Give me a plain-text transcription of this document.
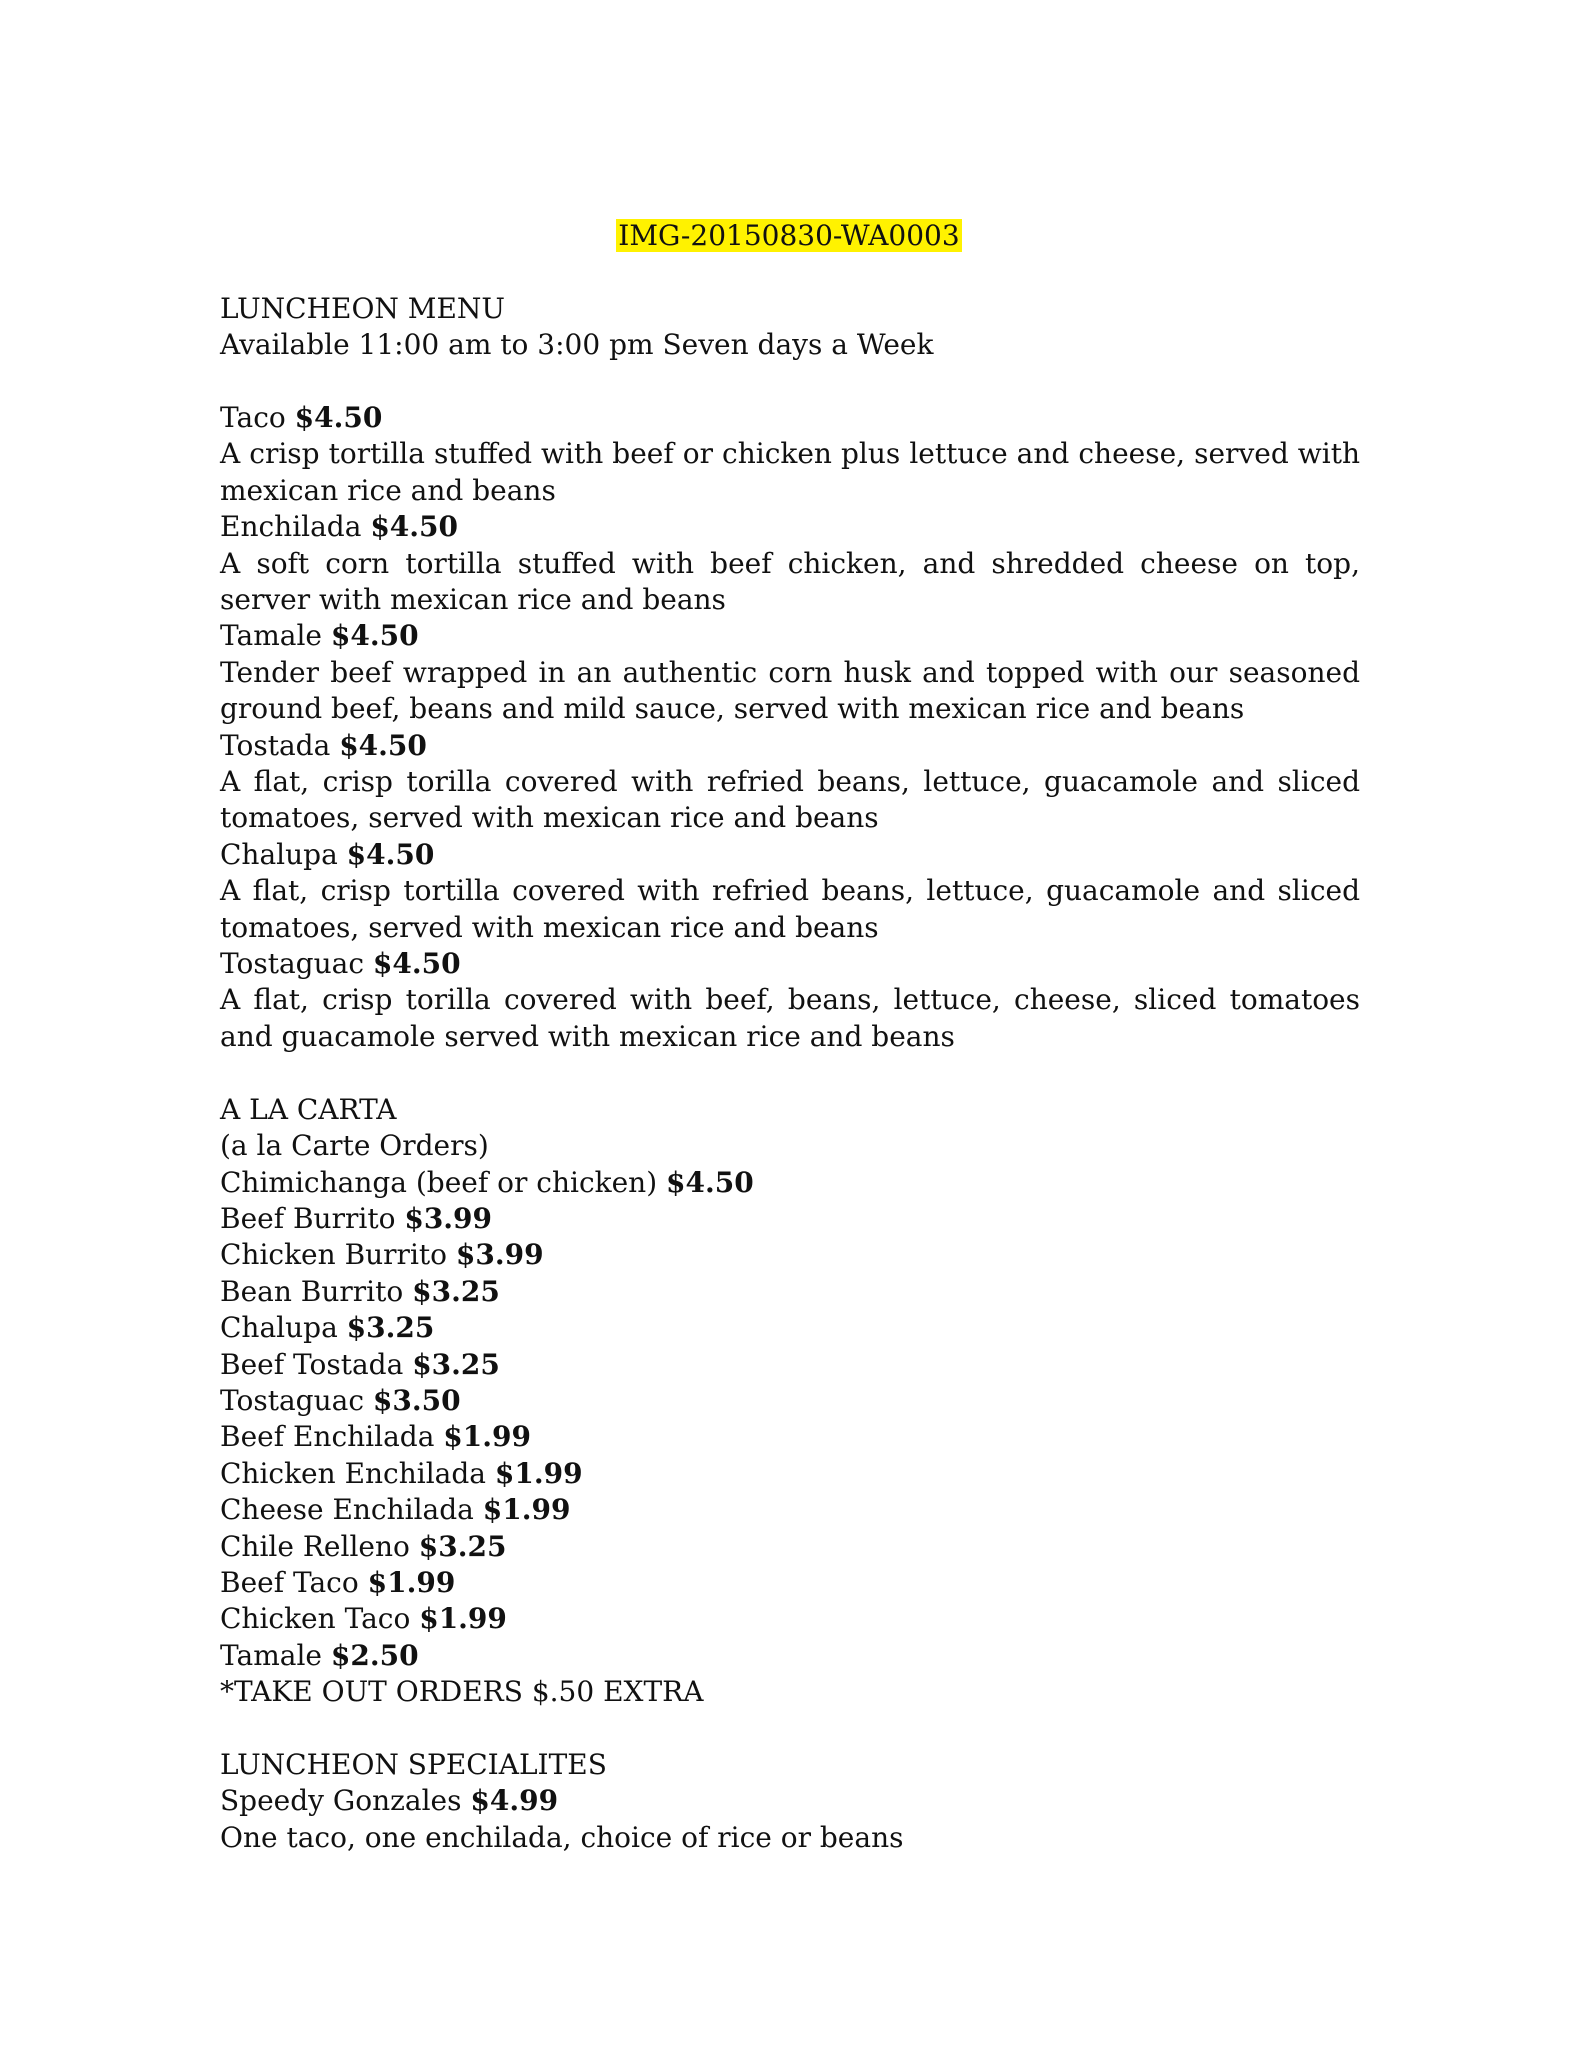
IMG-20150830-WA0003
LUNCHEON MENU
Available 11:00 am to 3:00 pm Seven days a Week
Taco $4.50
A crisp tortilla stuffed with beef or chicken plus lettuce and cheese, served with mexican rice and beans
Enchilada $4.50
A soft corn tortilla stuffed with beef chicken, and shredded cheese on top, server with mexican rice and beans
Tamale $4.50
Tender beef wrapped in an authentic corn husk and topped with our seasoned ground beef, beans and mild sauce, served with mexican rice and beans
Tostada $4.50
A flat, crisp torilla covered with refried beans, lettuce, guacamole and sliced tomatoes, served with mexican rice and beans
Chalupa $4.50
A flat, crisp tortilla covered with refried beans, lettuce, guacamole and sliced tomatoes, served with mexican rice and beans
Tostaguac $4.50
A flat, crisp torilla covered with beef, beans, lettuce, cheese, sliced tomatoes and guacamole served with mexican rice and beans
A LA CARTA
(a la Carte Orders)
Chimichanga (beef or chicken) $4.50
Beef Burrito $3.99
Chicken Burrito $3.99
Bean Burrito $3.25
Chalupa $3.25
Beef Tostada $3.25
Tostaguac $3.50
Beef Enchilada $1.99
Chicken Enchilada $1.99
Cheese Enchilada $1.99
Chile Relleno $3.25
Beef Taco $1.99
Chicken Taco $1.99
Tamale $2.50
*TAKE OUT ORDERS $.50 EXTRA
LUNCHEON SPECIALITES
Speedy Gonzales $4.99
One taco, one enchilada, choice of rice or beans
